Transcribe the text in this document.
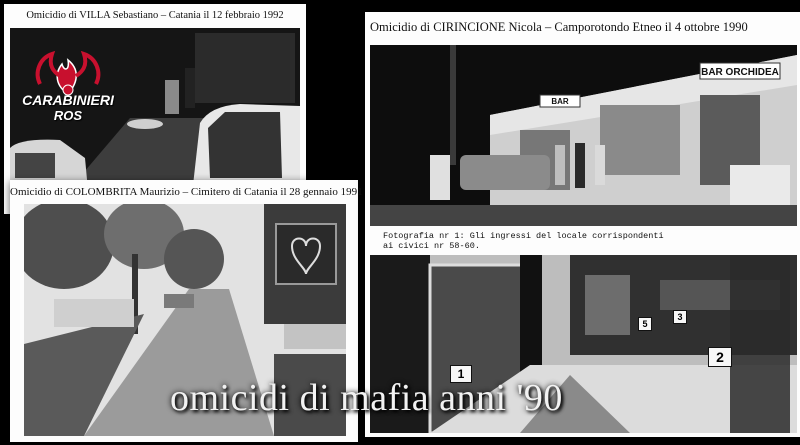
Omicidio di VILLA Sebastiano – Catania il 12 febbraio 1992
CARABINIERI
ROS
Omicidio di COLOMBRITA Maurizio – Cimitero di Catania il 28 gennaio 1991
Omicidio di CIRINCIONE Nicola – Camporotondo Etneo il 4 ottobre 1990
BAR
BAR ORCHIDEA
Fotografia nr 1: Gli ingressi del locale corrispondenti
ai civici nr 58-60.
5
3
2
1
omicidi di mafia anni '90
